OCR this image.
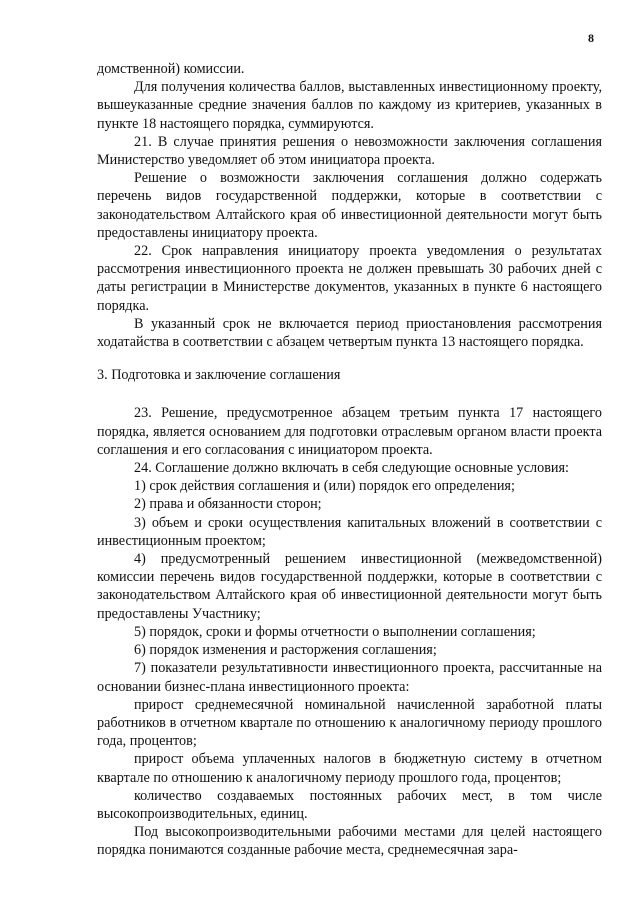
8

домственной) комиссии.

Для получения количества баллов, выставленных инвестиционному проекту, вышеуказанные средние значения баллов по каждому из критериев, указанных в пункте 18 настоящего порядка, суммируются.

21. В случае принятия решения о невозможности заключения соглашения Министерство уведомляет об этом инициатора проекта.

Решение о возможности заключения соглашения должно содержать перечень видов государственной поддержки, которые в соответствии с законодательством Алтайского края об инвестиционной деятельности могут быть предоставлены инициатору проекта.

22. Срок направления инициатору проекта уведомления о результатах рассмотрения инвестиционного проекта не должен превышать 30 рабочих дней с даты регистрации в Министерстве документов, указанных в пункте 6 настоящего порядка.

В указанный срок не включается период приостановления рассмотрения ходатайства в соответствии с абзацем четвертым пункта 13 настоящего порядка.

3. Подготовка и заключение соглашения

23. Решение, предусмотренное абзацем третьим пункта 17 настоящего порядка, является основанием для подготовки отраслевым органом власти проекта соглашения и его согласования с инициатором проекта.

24. Соглашение должно включать в себя следующие основные условия:

1) срок действия соглашения и (или) порядок его определения;

2) права и обязанности сторон;

3) объем и сроки осуществления капитальных вложений в соответствии с инвестиционным проектом;

4) предусмотренный решением инвестиционной (межведомственной) комиссии перечень видов государственной поддержки, которые в соответствии с законодательством Алтайского края об инвестиционной деятельности могут быть предоставлены Участнику;

5) порядок, сроки и формы отчетности о выполнении соглашения;

6) порядок изменения и расторжения соглашения;

7) показатели результативности инвестиционного проекта, рассчитанные на основании бизнес-плана инвестиционного проекта:

прирост среднемесячной номинальной начисленной заработной платы работников в отчетном квартале по отношению к аналогичному периоду прошлого года, процентов;

прирост объема уплаченных налогов в бюджетную систему в отчетном квартале по отношению к аналогичному периоду прошлого года, процентов;

количество создаваемых постоянных рабочих мест, в том числе высокопроизводительных, единиц.

Под высокопроизводительными рабочими местами для целей настоящего порядка понимаются созданные рабочие места, среднемесячная зара-
